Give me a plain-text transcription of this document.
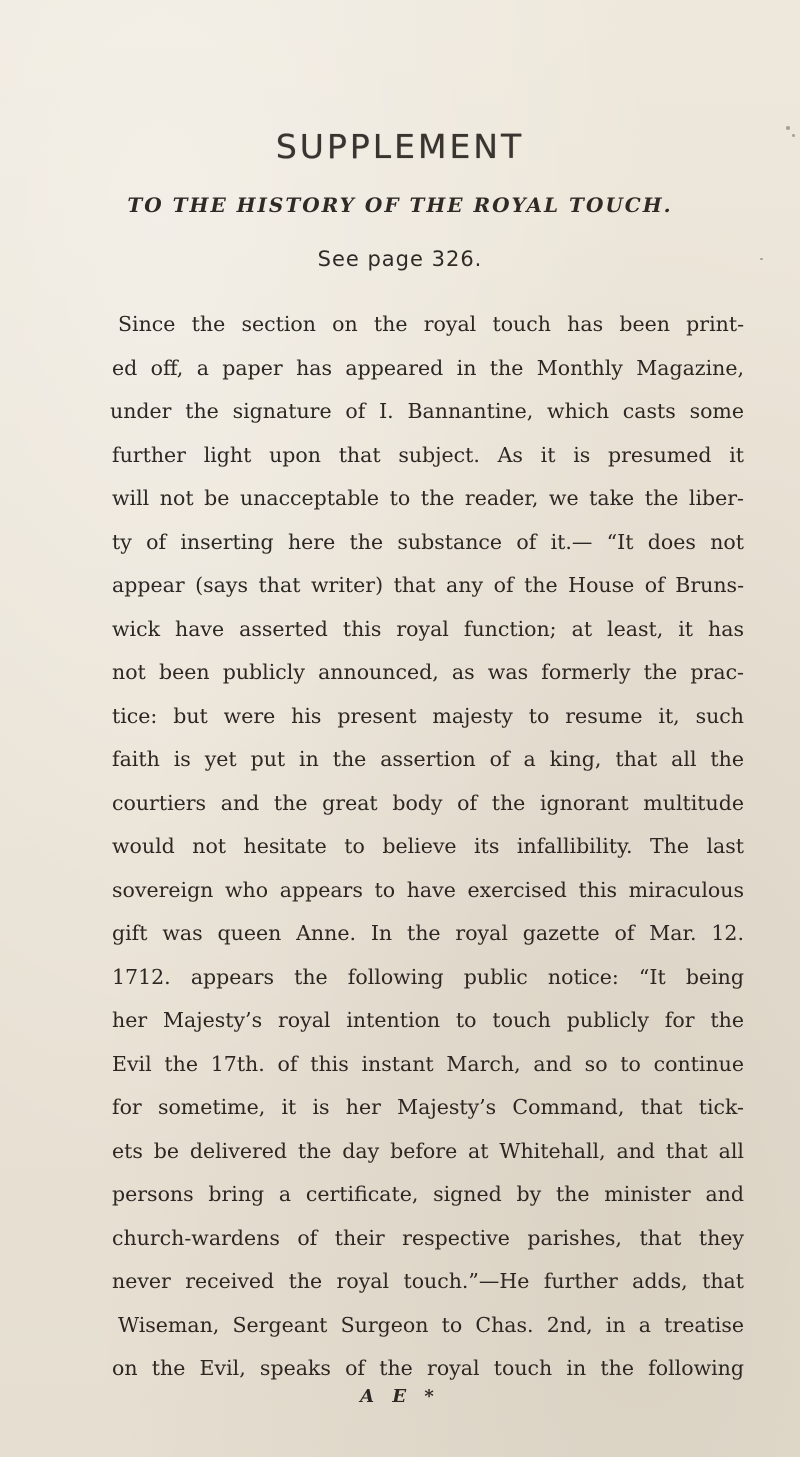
SUPPLEMENT
TO THE HISTORY OF THE ROYAL TOUCH.
See page 326.
Since the section on the royal touch has been print-
ed off, a paper has appeared in the Monthly Magazine,
under the signature of I. Bannantine, which casts some
further light upon that subject. As it is presumed it
will not be unacceptable to the reader, we take the liber-
ty of inserting here the substance of it.— “It does not
appear (says that writer) that any of the House of Bruns-
wick have asserted this royal function; at least, it has
not been publicly announced, as was formerly the prac-
tice: but were his present majesty to resume it, such
faith is yet put in the assertion of a king, that all the
courtiers and the great body of the ignorant multitude
would not hesitate to believe its infallibility. The last
sovereign who appears to have exercised this miraculous
gift was queen Anne. In the royal gazette of Mar. 12.
1712. appears the following public notice: “It being
her Majesty’s royal intention to touch publicly for the
Evil the 17th. of this instant March, and so to continue
for sometime, it is her Majesty’s Command, that tick-
ets be delivered the day before at Whitehall, and that all
persons bring a certificate, signed by the minister and
church-wardens of their respective parishes, that they
never received the royal touch.”—He further adds, that
Wiseman, Sergeant Surgeon to Chas. 2nd, in a treatise
on the Evil, speaks of the royal touch in the following
A E *
